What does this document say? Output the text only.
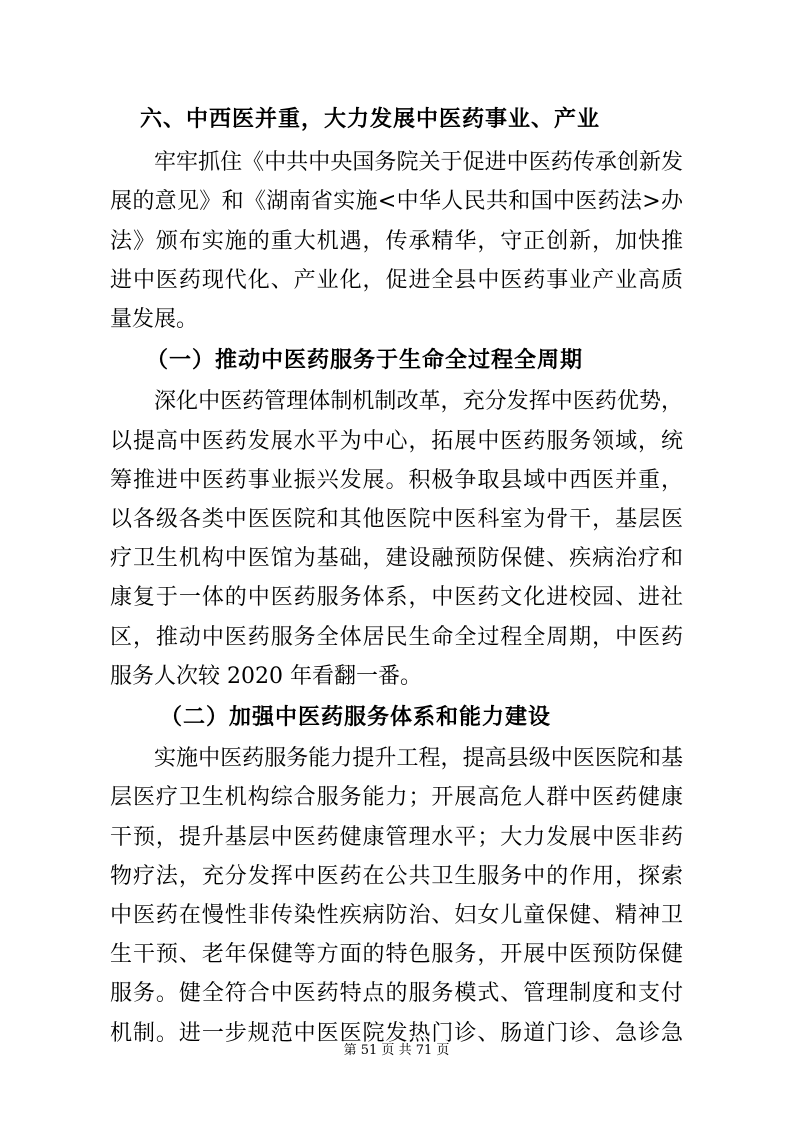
六、中西医并重，大力发展中医药事业、产业
牢牢抓住《中共中央国务院关于促进中医药传承创新发
展的意见》和《湖南省实施<中华人民共和国中医药法>办
法》颁布实施的重大机遇，传承精华，守正创新，加快推
进中医药现代化、产业化，促进全县中医药事业产业高质
量发展。
（一）推动中医药服务于生命全过程全周期
深化中医药管理体制机制改革，充分发挥中医药优势，
以提高中医药发展水平为中心，拓展中医药服务领域，统
筹推进中医药事业振兴发展。积极争取县域中西医并重，
以各级各类中医医院和其他医院中医科室为骨干，基层医
疗卫生机构中医馆为基础，建设融预防保健、疾病治疗和
康复于一体的中医药服务体系，中医药文化进校园、进社
区，推动中医药服务全体居民生命全过程全周期，中医药
服务人次较 2020 年看翻一番。
（二）加强中医药服务体系和能力建设
实施中医药服务能力提升工程，提高县级中医医院和基
层医疗卫生机构综合服务能力；开展高危人群中医药健康
干预，提升基层中医药健康管理水平；大力发展中医非药
物疗法，充分发挥中医药在公共卫生服务中的作用，探索
中医药在慢性非传染性疾病防治、妇女儿童保健、精神卫
生干预、老年保健等方面的特色服务，开展中医预防保健
服务。健全符合中医药特点的服务模式、管理制度和支付
机制。进一步规范中医医院发热门诊、肠道门诊、急诊急
第 51 页 共 71 页
